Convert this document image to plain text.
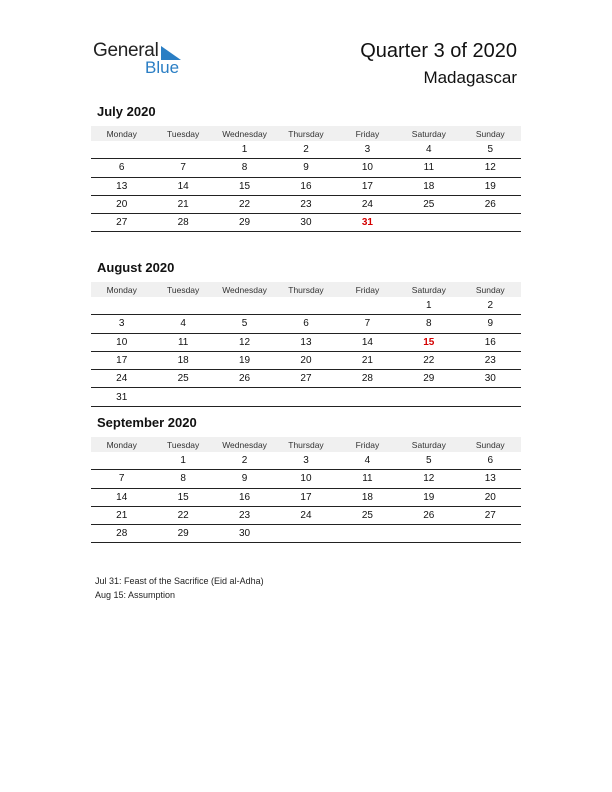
General
Blue
Quarter 3 of 2020
Madagascar
July 2020
Monday	Tuesday	Wednesday	Thursday	Friday	Saturday	Sunday
		1	2	3	4	5
6	7	8	9	10	11	12
13	14	15	16	17	18	19
20	21	22	23	24	25	26
27	28	29	30	31		
August 2020
Monday	Tuesday	Wednesday	Thursday	Friday	Saturday	Sunday
					1	2
3	4	5	6	7	8	9
10	11	12	13	14	15	16
17	18	19	20	21	22	23
24	25	26	27	28	29	30
31						
September 2020
Monday	Tuesday	Wednesday	Thursday	Friday	Saturday	Sunday
	1	2	3	4	5	6
7	8	9	10	11	12	13
14	15	16	17	18	19	20
21	22	23	24	25	26	27
28	29	30				
Jul 31: Feast of the Sacrifice (Eid al-Adha)
Aug 15: Assumption
